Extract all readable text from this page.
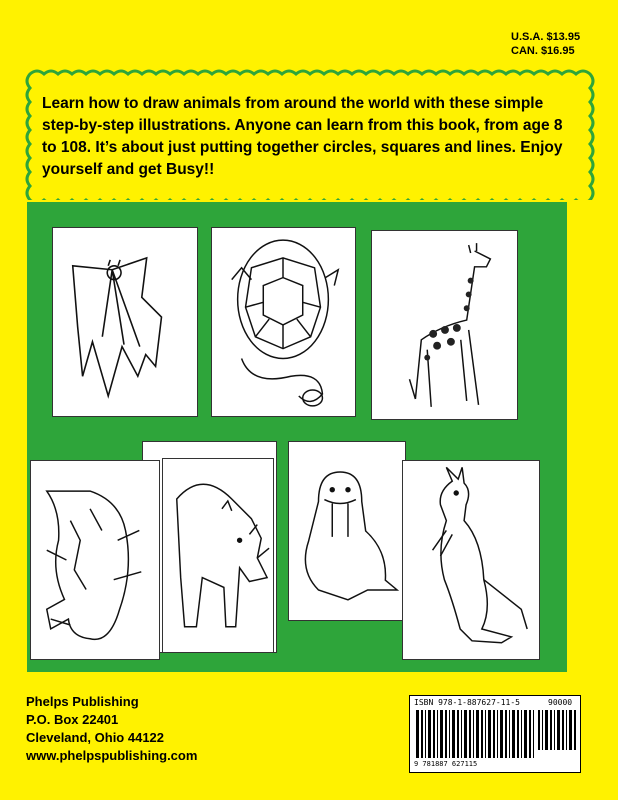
U.S.A. $13.95
CAN. $16.95
Learn how to draw animals from around the world with these simple step-by-step illustrations. Anyone can learn from this book, from age 8 to 108. It’s about just putting together circles, squares and lines. Enjoy yourself and get Busy!!
Phelps Publishing
P.O. Box 22401
Cleveland, Ohio 44122
www.phelpspublishing.com
ISBN 978-1-887627-11-5	90000
9 781887 627115
